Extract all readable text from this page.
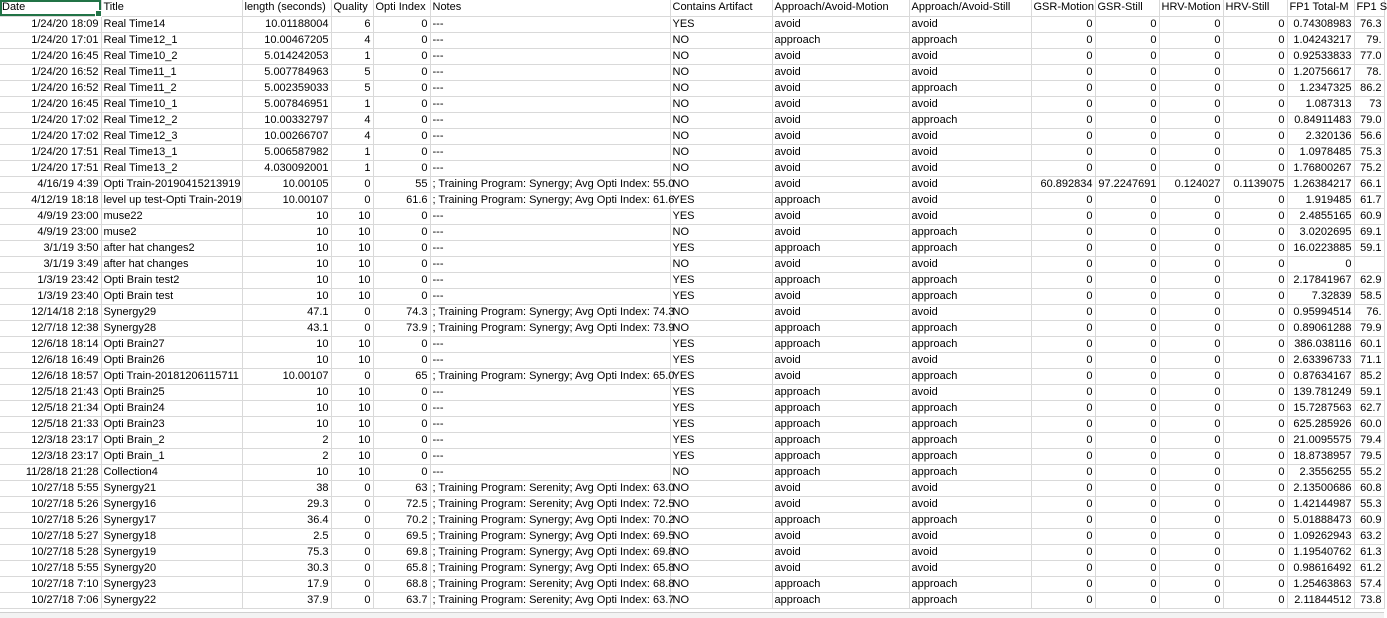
Date	Title	length (seconds)	Quality	Opti Index	Notes	Contains Artifact	Approach/Avoid-Motion	Approach/Avoid-Still	GSR-Motion	GSR-Still	HRV-Motion	HRV-Still	FP1 Total-M	FP1 S
1/24/20 18:09	Real Time14	10.01188004	6	0	---	YES	avoid	avoid	0	0	0	0	0.74308983	76.3
1/24/20 17:01	Real Time12_1	10.00467205	4	0	---	NO	approach	approach	0	0	0	0	1.04243217	79.
1/24/20 16:45	Real Time10_2	5.014242053	1	0	---	NO	avoid	avoid	0	0	0	0	0.92533833	77.0
1/24/20 16:52	Real Time11_1	5.007784963	5	0	---	NO	avoid	avoid	0	0	0	0	1.20756617	78.
1/24/20 16:52	Real Time11_2	5.002359033	5	0	---	NO	avoid	approach	0	0	0	0	1.2347325	86.2
1/24/20 16:45	Real Time10_1	5.007846951	1	0	---	NO	avoid	avoid	0	0	0	0	1.087313	73
1/24/20 17:02	Real Time12_2	10.00332797	4	0	---	NO	avoid	approach	0	0	0	0	0.84911483	79.0
1/24/20 17:02	Real Time12_3	10.00266707	4	0	---	NO	avoid	avoid	0	0	0	0	2.320136	56.6
1/24/20 17:51	Real Time13_1	5.006587982	1	0	---	NO	avoid	avoid	0	0	0	0	1.0978485	75.3
1/24/20 17:51	Real Time13_2	4.030092001	1	0	---	NO	avoid	avoid	0	0	0	0	1.76800267	75.2
4/16/19 4:39	Opti Train-20190415213919	10.00105	0	55	; Training Program: Synergy; Avg Opti Index: 55.0	NO	avoid	avoid	60.892834	97.2247691	0.124027	0.1139075	1.26384217	66.1
4/12/19 18:18	level up test-Opti Train-2019	10.00107	0	61.6	; Training Program: Synergy; Avg Opti Index: 61.6	YES	approach	avoid	0	0	0	0	1.919485	61.7
4/9/19 23:00	muse22	10	10	0	---	YES	avoid	avoid	0	0	0	0	2.4855165	60.9
4/9/19 23:00	muse2	10	10	0	---	NO	avoid	approach	0	0	0	0	3.0202695	69.1
3/1/19 3:50	after hat changes2	10	10	0	---	YES	approach	approach	0	0	0	0	16.0223885	59.1
3/1/19 3:49	after hat changes	10	10	0	---	NO	avoid	avoid	0	0	0	0	0	
1/3/19 23:42	Opti Brain test2	10	10	0	---	YES	approach	approach	0	0	0	0	2.17841967	62.9
1/3/19 23:40	Opti Brain test	10	10	0	---	YES	avoid	approach	0	0	0	0	7.32839	58.5
12/14/18 2:18	Synergy29	47.1	0	74.3	; Training Program: Synergy; Avg Opti Index: 74.3	NO	avoid	avoid	0	0	0	0	0.95994514	76.
12/7/18 12:38	Synergy28	43.1	0	73.9	; Training Program: Synergy; Avg Opti Index: 73.9	NO	approach	approach	0	0	0	0	0.89061288	79.9
12/6/18 18:14	Opti Brain27	10	10	0	---	YES	approach	approach	0	0	0	0	386.038116	60.1
12/6/18 16:49	Opti Brain26	10	10	0	---	YES	avoid	avoid	0	0	0	0	2.63396733	71.1
12/6/18 18:57	Opti Train-20181206115711	10.00107	0	65	; Training Program: Synergy; Avg Opti Index: 65.0	YES	avoid	approach	0	0	0	0	0.87634167	85.2
12/5/18 21:43	Opti Brain25	10	10	0	---	YES	approach	avoid	0	0	0	0	139.781249	59.1
12/5/18 21:34	Opti Brain24	10	10	0	---	YES	approach	approach	0	0	0	0	15.7287563	62.7
12/5/18 21:33	Opti Brain23	10	10	0	---	YES	approach	approach	0	0	0	0	625.285926	60.0
12/3/18 23:17	Opti Brain_2	2	10	0	---	YES	approach	approach	0	0	0	0	21.0095575	79.4
12/3/18 23:17	Opti Brain_1	2	10	0	---	YES	approach	approach	0	0	0	0	18.8738957	79.5
11/28/18 21:28	Collection4	10	10	0	---	NO	approach	approach	0	0	0	0	2.3556255	55.2
10/27/18 5:55	Synergy21	38	0	63	; Training Program: Serenity; Avg Opti Index: 63.0	NO	avoid	avoid	0	0	0	0	2.13500686	60.8
10/27/18 5:26	Synergy16	29.3	0	72.5	; Training Program: Serenity; Avg Opti Index: 72.5	NO	avoid	avoid	0	0	0	0	1.42144987	55.3
10/27/18 5:26	Synergy17	36.4	0	70.2	; Training Program: Synergy; Avg Opti Index: 70.2	NO	approach	approach	0	0	0	0	5.01888473	60.9
10/27/18 5:27	Synergy18	2.5	0	69.5	; Training Program: Synergy; Avg Opti Index: 69.5	NO	avoid	avoid	0	0	0	0	1.09262943	63.2
10/27/18 5:28	Synergy19	75.3	0	69.8	; Training Program: Synergy; Avg Opti Index: 69.8	NO	avoid	avoid	0	0	0	0	1.19540762	61.3
10/27/18 5:55	Synergy20	30.3	0	65.8	; Training Program: Synergy; Avg Opti Index: 65.8	NO	avoid	avoid	0	0	0	0	0.98616492	61.2
10/27/18 7:10	Synergy23	17.9	0	68.8	; Training Program: Serenity; Avg Opti Index: 68.8	NO	approach	approach	0	0	0	0	1.25463863	57.4
10/27/18 7:06	Synergy22	37.9	0	63.7	; Training Program: Serenity; Avg Opti Index: 63.7	NO	approach	approach	0	0	0	0	2.11844512	73.8
